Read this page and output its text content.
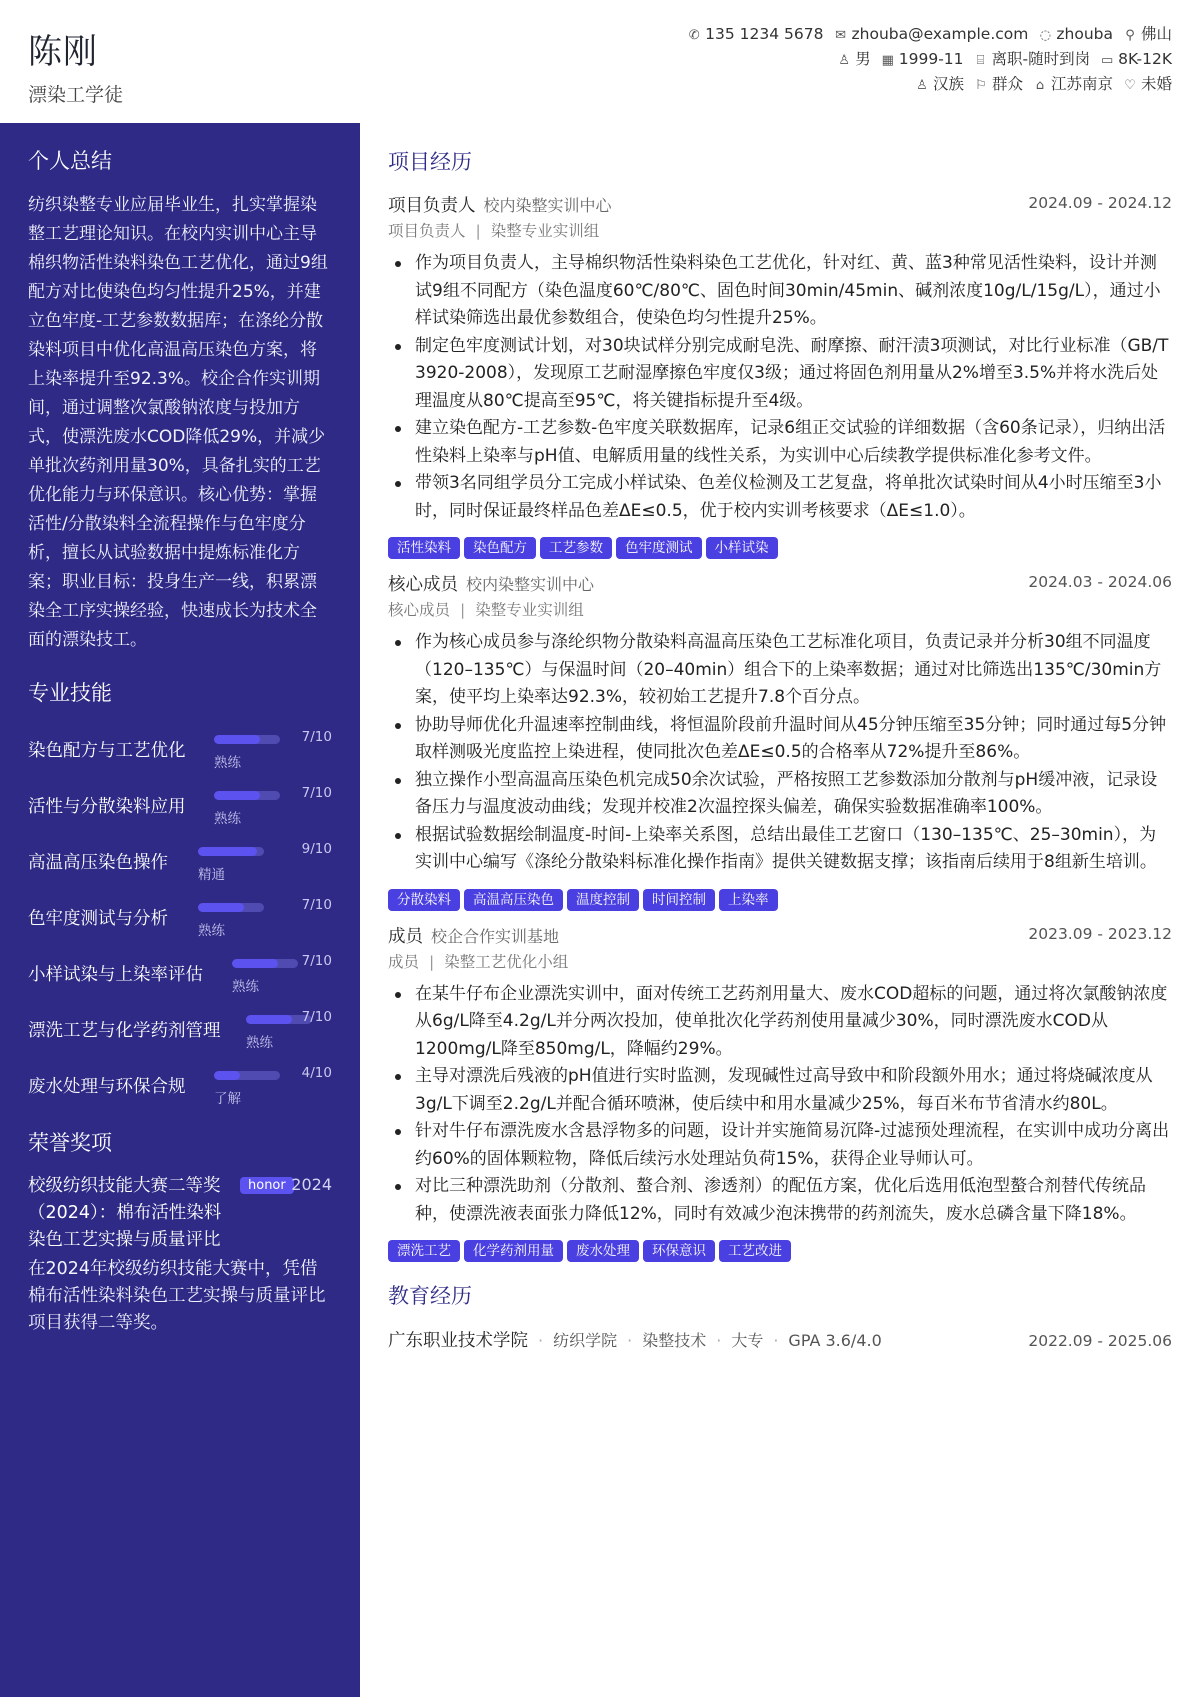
陈刚
漂染工学徒
✆ 135 1234 5678 ✉ zhouba@example.com ◌ zhouba ⚲ 佛山
♙ 男 ▦ 1999-11 ⌸ 离职-随时到岗 ▭ 8K-12K
♙ 汉族 ⚐ 群众 ⌂ 江苏南京 ♡ 未婚
个人总结
纺织染整专业应届毕业生，扎实掌握染整工艺理论知识。在校内实训中心主导棉织物活性染料染色工艺优化，通过9组配方对比使染色均匀性提升25%，并建立色牢度-工艺参数数据库；在涤纶分散染料项目中优化高温高压染色方案，将上染率提升至92.3%。校企合作实训期间，通过调整次氯酸钠浓度与投加方式，使漂洗废水COD降低29%，并减少单批次药剂用量30%，具备扎实的工艺优化能力与环保意识。核心优势：掌握活性/分散染料全流程操作与色牢度分析，擅长从试验数据中提炼标准化方案；职业目标：投身生产一线，积累漂染全工序实操经验，快速成长为技术全面的漂染技工。
专业技能
染色配方与工艺优化
熟练
7/10
活性与分散染料应用
熟练
7/10
高温高压染色操作
精通
9/10
色牢度测试与分析
熟练
7/10
小样试染与上染率评估
熟练
7/10
漂洗工艺与化学药剂管理
熟练
7/10
废水处理与环保合规
了解
4/10
荣誉奖项
校级纺织技能大赛二等奖（2024）：棉布活性染料染色工艺实操与质量评比
honor 2024
在2024年校级纺织技能大赛中，凭借棉布活性染料染色工艺实操与质量评比项目获得二等奖。
项目经历
项目负责人 校内染整实训中心	2024.09 - 2024.12
项目负责人 | 染整专业实训组
作为项目负责人，主导棉织物活性染料染色工艺优化，针对红、黄、蓝3种常见活性染料，设计并测试9组不同配方（染色温度60℃/80℃、固色时间30min/45min、碱剂浓度10g/L/15g/L），通过小样试染筛选出最优参数组合，使染色均匀性提升25%。
制定色牢度测试计划，对30块试样分别完成耐皂洗、耐摩擦、耐汗渍3项测试，对比行业标准（GB/T 3920-2008），发现原工艺耐湿摩擦色牢度仅3级；通过将固色剂用量从2%增至3.5%并将水洗后处理温度从80℃提高至95℃，将关键指标提升至4级。
建立染色配方-工艺参数-色牢度关联数据库，记录6组正交试验的详细数据（含60条记录），归纳出活性染料上染率与pH值、电解质用量的线性关系，为实训中心后续教学提供标准化参考文件。
带领3名同组学员分工完成小样试染、色差仪检测及工艺复盘，将单批次试染时间从4小时压缩至3小时，同时保证最终样品色差ΔE≤0.5，优于校内实训考核要求（ΔE≤1.0）。
活性染料 染色配方 工艺参数 色牢度测试 小样试染
核心成员 校内染整实训中心	2024.03 - 2024.06
核心成员 | 染整专业实训组
作为核心成员参与涤纶织物分散染料高温高压染色工艺标准化项目，负责记录并分析30组不同温度（120–135℃）与保温时间（20–40min）组合下的上染率数据；通过对比筛选出135℃/30min方案，使平均上染率达92.3%，较初始工艺提升7.8个百分点。
协助导师优化升温速率控制曲线，将恒温阶段前升温时间从45分钟压缩至35分钟；同时通过每5分钟取样测吸光度监控上染进程，使同批次色差ΔE≤0.5的合格率从72%提升至86%。
独立操作小型高温高压染色机完成50余次试验，严格按照工艺参数添加分散剂与pH缓冲液，记录设备压力与温度波动曲线；发现并校准2次温控探头偏差，确保实验数据准确率100%。
根据试验数据绘制温度-时间-上染率关系图，总结出最佳工艺窗口（130–135℃、25–30min），为实训中心编写《涤纶分散染料标准化操作指南》提供关键数据支撑；该指南后续用于8组新生培训。
分散染料 高温高压染色 温度控制 时间控制 上染率
成员 校企合作实训基地	2023.09 - 2023.12
成员 | 染整工艺优化小组
在某牛仔布企业漂洗实训中，面对传统工艺药剂用量大、废水COD超标的问题，通过将次氯酸钠浓度从6g/L降至4.2g/L并分两次投加，使单批次化学药剂使用量减少30%，同时漂洗废水COD从1200mg/L降至850mg/L，降幅约29%。
主导对漂洗后残液的pH值进行实时监测，发现碱性过高导致中和阶段额外用水；通过将烧碱浓度从3g/L下调至2.2g/L并配合循环喷淋，使后续中和用水量减少25%，每百米布节省清水约80L。
针对牛仔布漂洗废水含悬浮物多的问题，设计并实施简易沉降-过滤预处理流程，在实训中成功分离出约60%的固体颗粒物，降低后续污水处理站负荷15%，获得企业导师认可。
对比三种漂洗助剂（分散剂、螯合剂、渗透剂）的配伍方案，优化后选用低泡型螯合剂替代传统品种，使漂洗液表面张力降低12%，同时有效减少泡沫携带的药剂流失，废水总磷含量下降18%。
漂洗工艺 化学药剂用量 废水处理 环保意识 工艺改进
教育经历
广东职业技术学院 · 纺织学院 · 染整技术 · 大专 · GPA 3.6/4.0	2022.09 - 2025.06
